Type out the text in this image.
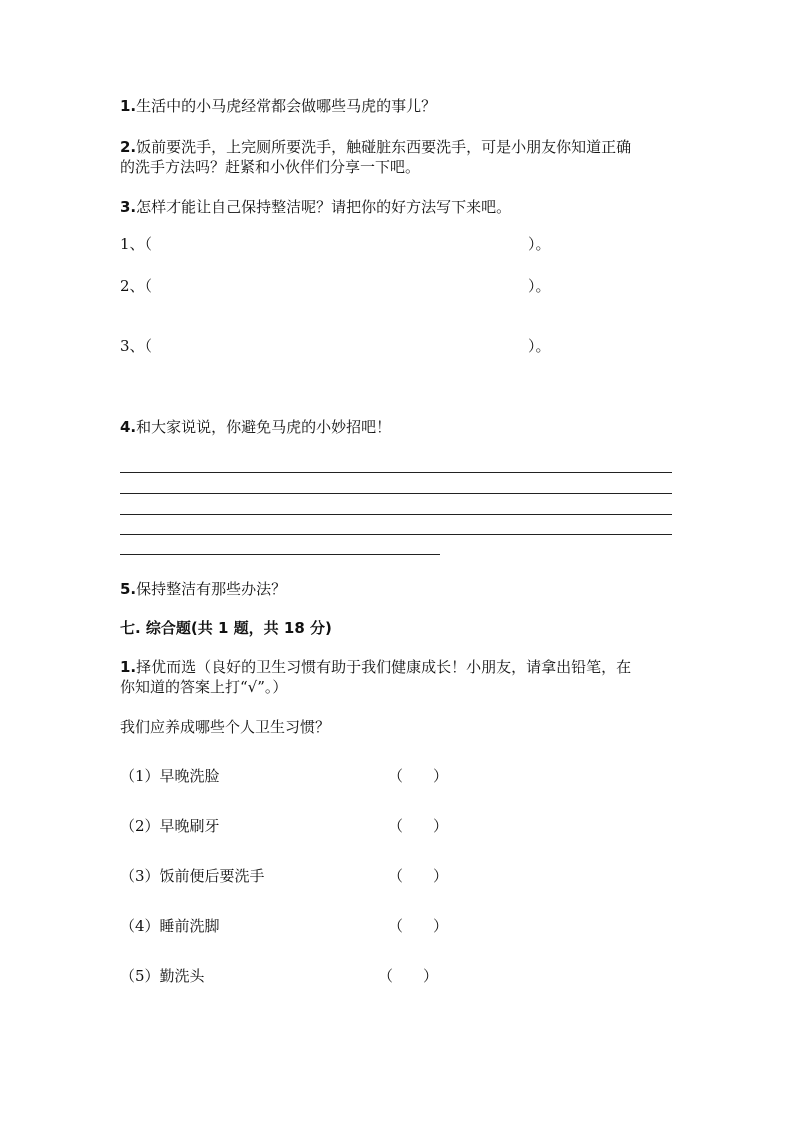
1.生活中的小马虎经常都会做哪些马虎的事儿？
2.饭前要洗手，上完厕所要洗手，触碰脏东西要洗手，可是小朋友你知道正确
的洗手方法吗？赶紧和小伙伴们分享一下吧。
3.怎样才能让自己保持整洁呢？请把你的好方法写下来吧。
1、（	）。
2、（	）。
3、（	）。
4.和大家说说，你避免马虎的小妙招吧！
5.保持整洁有那些办法？
七. 综合题(共 1 题，共 18 分)
1.择优而选（良好的卫生习惯有助于我们健康成长！小朋友，请拿出铅笔，在
你知道的答案上打“√”。）
我们应养成哪些个人卫生习惯？
（1）早晚洗脸	（　　）
（2）早晚刷牙	（　　）
（3）饭前便后要洗手	（　　）
（4）睡前洗脚	（　　）
（5）勤洗头	（　　）
